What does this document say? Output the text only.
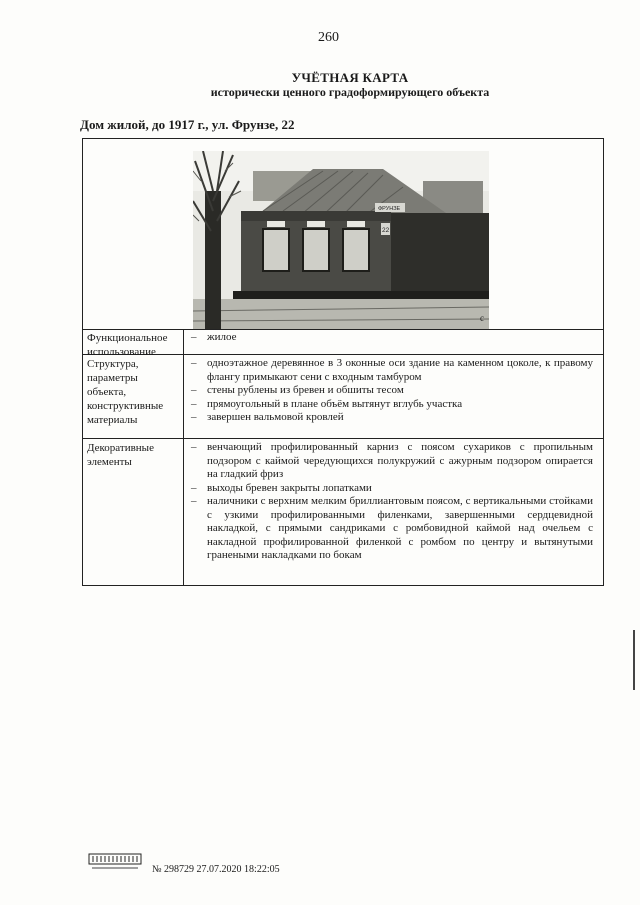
260
УЧЁТНАЯ КАРТА
исторически ценного градоформирующего объекта
Дом жилой, до 1917 г., ул. Фрунзе, 22
ФРУНЗЕ
22
с
Функциональное использование
– жилое
Структура, параметры объекта, конструктивные материалы
– одноэтажное деревянное в 3 оконные оси здание на каменном цоколе, к правому флангу примыкают сени с входным тамбуром
– стены рублены из бревен и обшиты тесом
– прямоугольный в плане объём вытянут вглубь участка
– завершен вальмовой кровлей
Декоративные элементы
– венчающий профилированный карниз с поясом сухариков с пропильным подзором с каймой чередующихся полукружий с ажурным подзором опирается на гладкий фриз
– выходы бревен закрыты лопатками
– наличники с верхним мелким бриллиантовым поясом, с вертикальными стойками с узкими профилированными филенками, завершенными сердцевидной накладкой, с прямыми сандриками с ромбовидной каймой над очельем с накладной профилированной филенкой с ромбом по центру и вытянутыми гранеными накладками по бокам
№ 298729 27.07.2020 18:22:05
